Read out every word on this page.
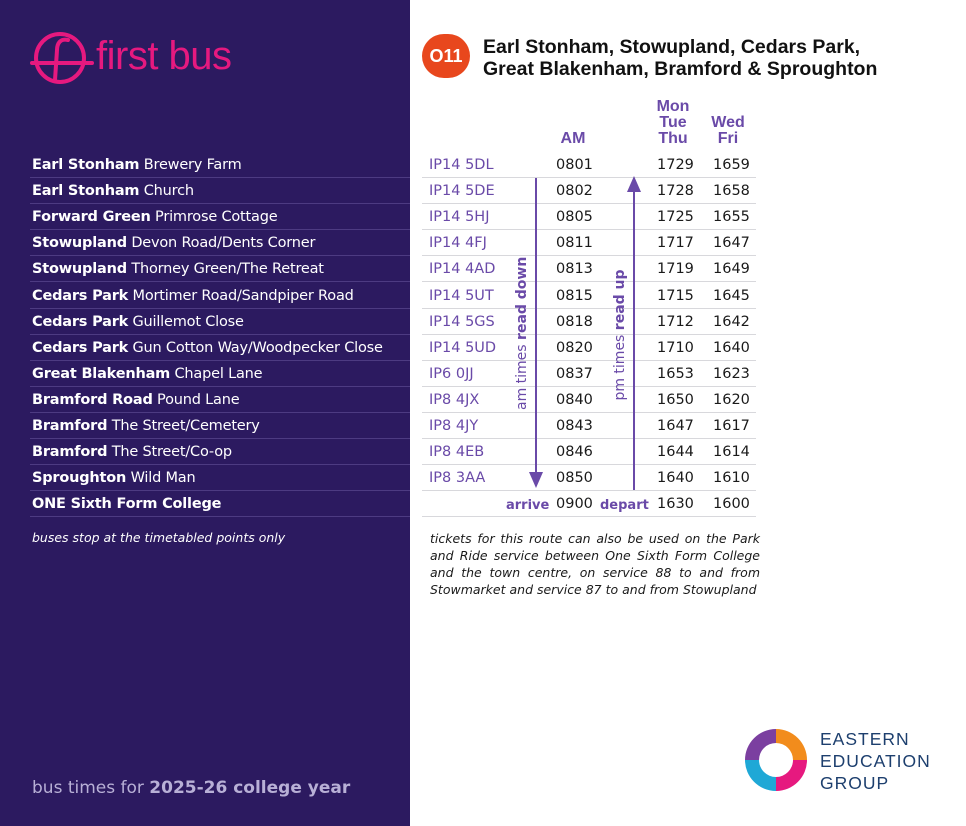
first bus
Earl Stonham Brewery Farm
Earl Stonham Church
Forward Green Primrose Cottage
Stowupland Devon Road/Dents Corner
Stowupland Thorney Green/The Retreat
Cedars Park Mortimer Road/Sandpiper Road
Cedars Park Guillemot Close
Cedars Park Gun Cotton Way/Woodpecker Close
Great Blakenham Chapel Lane
Bramford Road Pound Lane
Bramford The Street/Cemetery
Bramford The Street/Co-op
Sproughton Wild Man
ONE Sixth Form College
buses stop at the timetabled points only
bus times for 2025-26 college year
O11	Earl Stonham, Stowupland, Cedars Park,
Great Blakenham, Bramford & Sproughton
AM
Mon
Tue
Thu
Wed
Fri
IP14 5DL	0801	1729 1659
IP14 5DE	0802	1728 1658
IP14 5HJ	0805	1725 1655
IP14 4FJ	0811	1717 1647
IP14 4AD	0813	1719 1649
IP14 5UT	0815	1715 1645
IP14 5GS	0818	1712 1642
IP14 5UD	0820	1710 1640
IP6 0JJ	0837	1653 1623
IP8 4JX	0840	1650 1620
IP8 4JY	0843	1647 1617
IP8 4EB	0846	1644 1614
IP8 3AA	0850	1640 1610
0900	1630 1600
arrive	depart
am times read down
pm times read up
tickets for this route can also be used on the Park and Ride service between One Sixth Form College and the town centre, on service 88 to and from Stowmarket and service 87 to and from Stowupland
EASTERN
EDUCATION
GROUP
